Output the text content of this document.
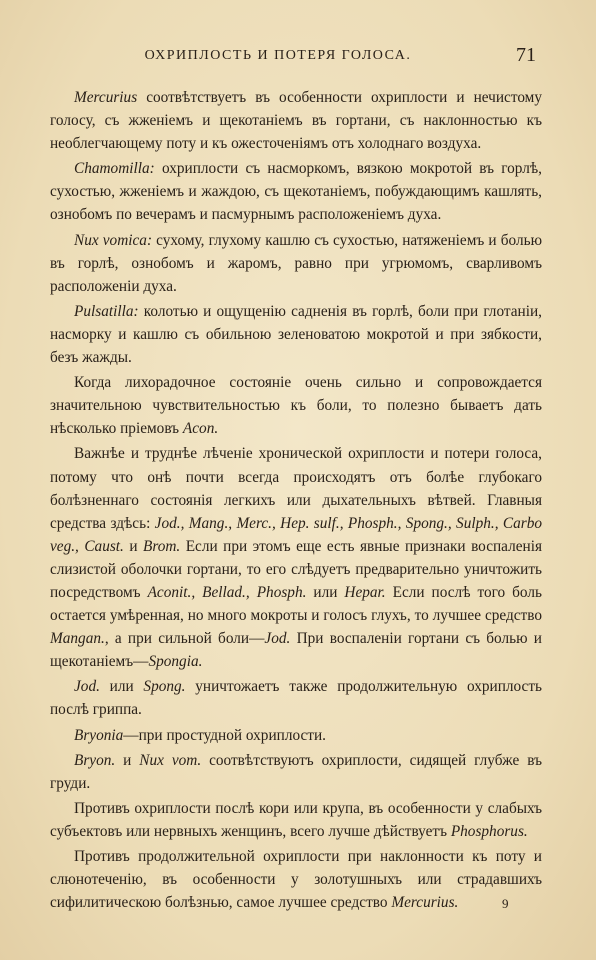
ОХРИПЛОСТЬ И ПОТЕРЯ ГОЛОСА.	71

Mercurius соотвѣтствуетъ въ особенности охриплости и нечистому голосу, съ жженіемъ и щекотаніемъ въ гортани, съ наклонностью къ необлегчающему поту и къ ожесточеніямъ отъ холоднаго воздуха.

Chamomilla: охриплости съ насморкомъ, вязкою мокротой въ горлѣ, сухостью, жженіемъ и жаждою, съ щекотаніемъ, побуждающимъ кашлять, ознобомъ по вечерамъ и пасмурнымъ расположеніемъ духа.

Nux vomica: сухому, глухому кашлю съ сухостью, натяженіемъ и болью въ горлѣ, ознобомъ и жаромъ, равно при угрюмомъ, сварливомъ расположеніи духа.

Pulsatilla: колотью и ощущенію садненія въ горлѣ, боли при глотаніи, насморку и кашлю съ обильною зеленоватою мокротой и при зябкости, безъ жажды.

Когда лихорадочное состояніе очень сильно и сопровождается значительною чувствительностью къ боли, то полезно бываетъ дать нѣсколько пріемовъ Acon.

Важнѣе и труднѣе лѣченіе хронической охриплости и потери голоса, потому что онѣ почти всегда происходятъ отъ болѣе глубокаго болѣзненнаго состоянія легкихъ или дыхательныхъ вѣтвей. Главныя средства здѣсь: Jod., Mang., Merc., Hep. sulf., Phosph., Spong., Sulph., Carbo veg., Caust. и Brom. Если при этомъ еще есть явные признаки воспаленія слизистой оболочки гортани, то его слѣдуетъ предварительно уничтожить посредствомъ Aconit., Bellad., Phosph. или Hepar. Если послѣ того боль остается умѣренная, но много мокроты и голосъ глухъ, то лучшее средство Mangan., а при сильной боли—Jod. При воспаленіи гортани съ болью и щекотаніемъ—Spongia.

Jod. или Spong. уничтожаетъ также продолжительную охриплость послѣ гриппа.

Bryonia—при простудной охриплости.

Bryon. и Nux vom. соотвѣтствуютъ охриплости, сидящей глубже въ груди.

Противъ охриплости послѣ кори или крупа, въ особенности у слабыхъ субъектовъ или нервныхъ женщинъ, всего лучше дѣйствуетъ Phosphorus.

Противъ продолжительной охриплости при наклонности къ поту и слюнотеченію, въ особенности у золотушныхъ или страдавшихъ сифилитическою болѣзнью, самое лучшее средство Mercurius.	9
